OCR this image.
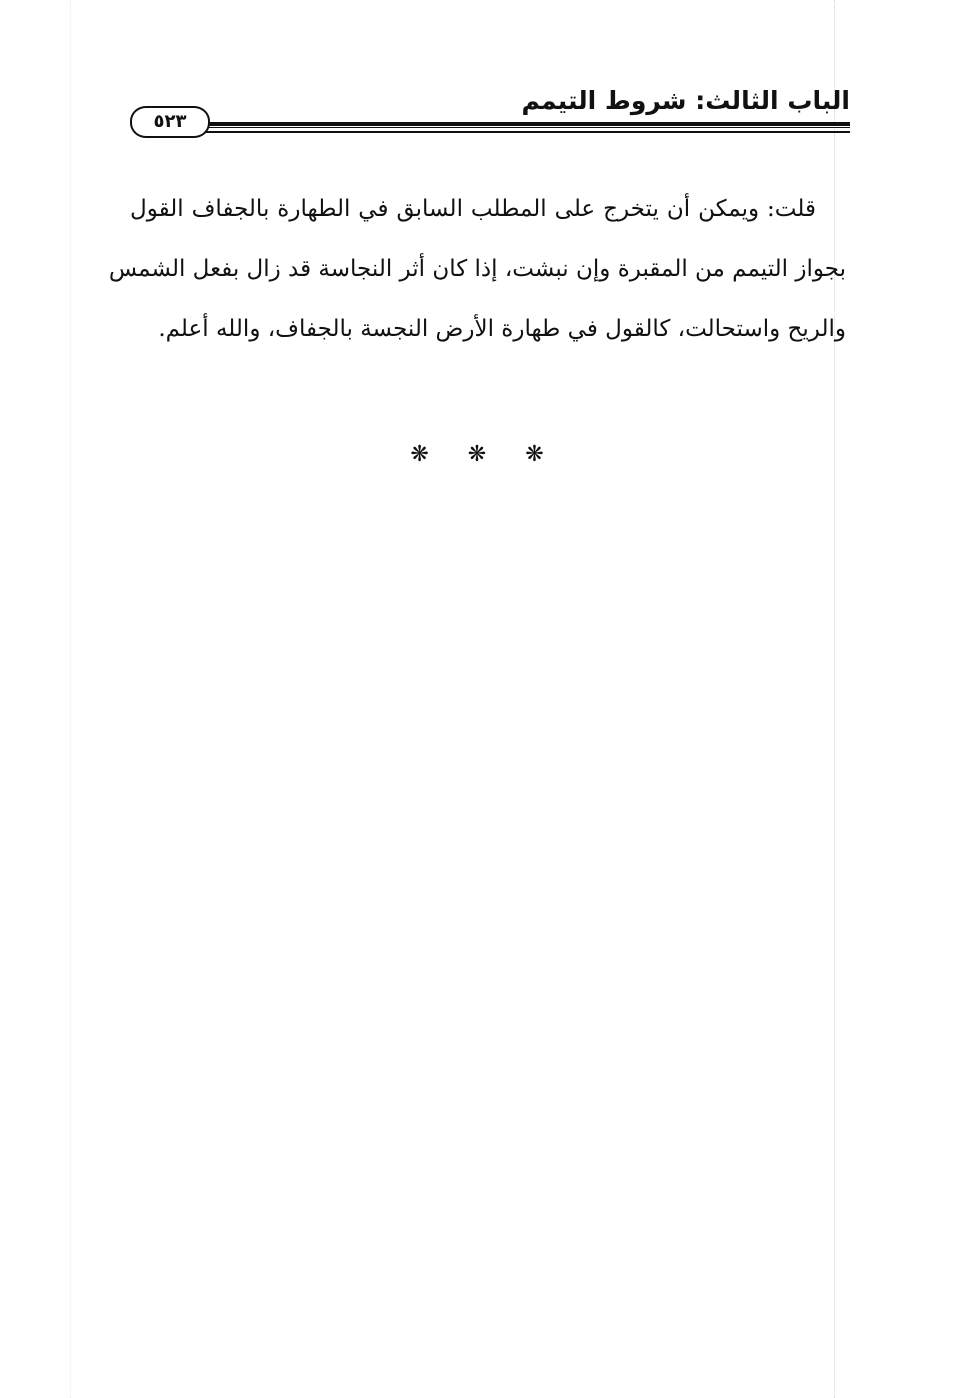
الباب الثالث: شروط التيمم
٥٢٣
قلت: ويمكن أن يتخرج على المطلب السابق في الطهارة بالجفاف القول
بجواز التيمم من المقبرة وإن نبشت، إذا كان أثر النجاسة قد زال بفعل الشمس
والريح واستحالت، كالقول في طهارة الأرض النجسة بالجفاف، والله أعلم.
❋ ❋ ❋
